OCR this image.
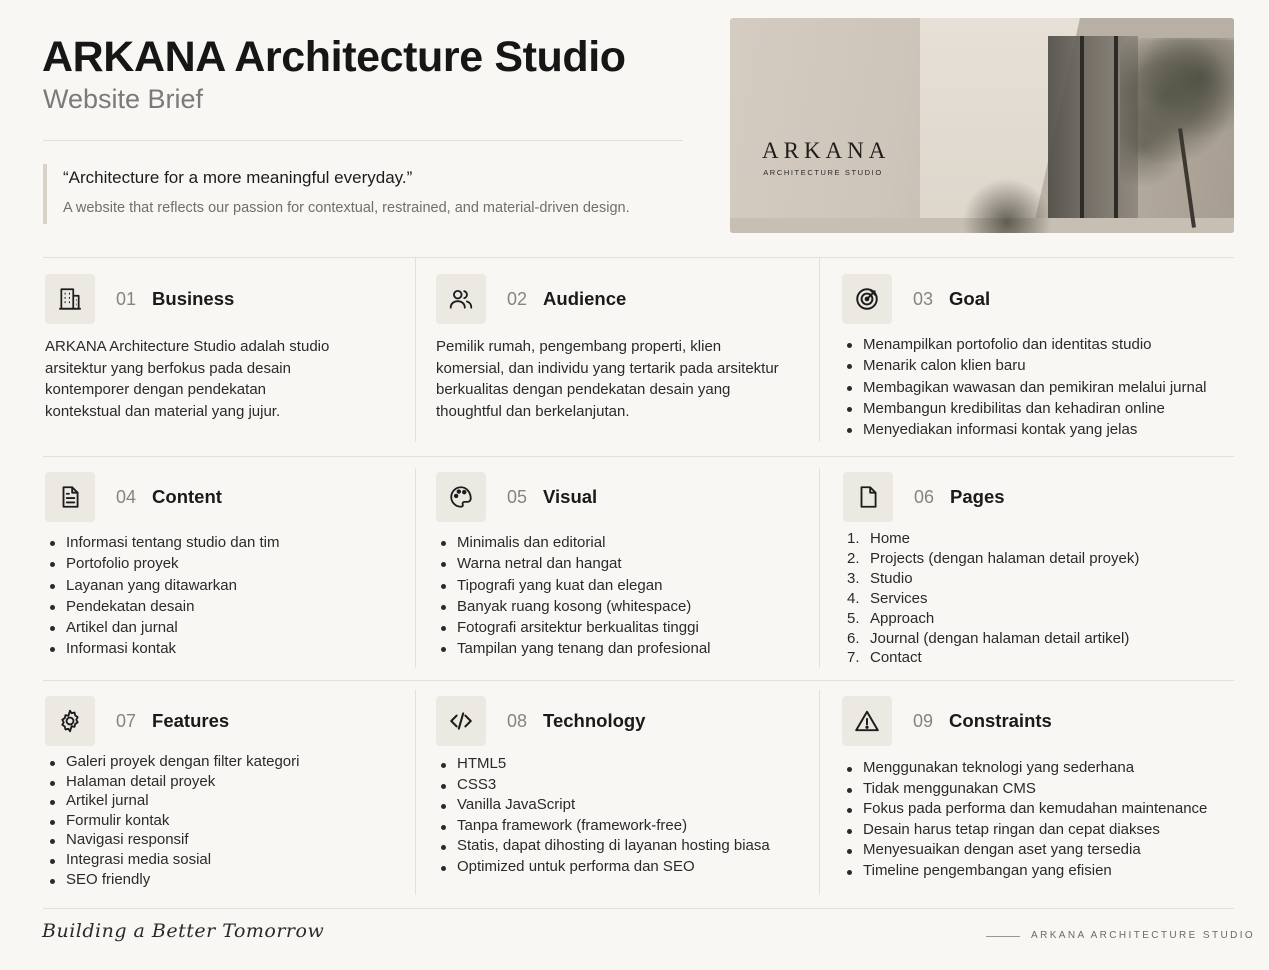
ARKANA Architecture Studio
Website Brief
“Architecture for a more meaningful everyday.”
A website that reflects our passion for contextual, restrained, and material-driven design.
ARKANA
ARCHITECTURE STUDIO
01 Business

ARKANA Architecture Studio adalah studio arsitektur yang berfokus pada desain kontemporer dengan pendekatan kontekstual dan material yang jujur.

02 Audience

Pemilik rumah, pengembang properti, klien komersial, dan individu yang tertarik pada arsitektur berkualitas dengan pendekatan desain yang thoughtful dan berkelanjutan.

03 Goal
Menampilkan portofolio dan identitas studio
Menarik calon klien baru
Membagikan wawasan dan pemikiran melalui jurnal
Membangun kredibilitas dan kehadiran online
Menyediakan informasi kontak yang jelas
04 Content
Informasi tentang studio dan tim
Portofolio proyek
Layanan yang ditawarkan
Pendekatan desain
Artikel dan jurnal
Informasi kontak
05 Visual
Minimalis dan editorial
Warna netral dan hangat
Tipografi yang kuat dan elegan
Banyak ruang kosong (whitespace)
Fotografi arsitektur berkualitas tinggi
Tampilan yang tenang dan profesional
06 Pages
1. Home
2. Projects (dengan halaman detail proyek)
3. Studio
4. Services
5. Approach
6. Journal (dengan halaman detail artikel)
7. Contact
07 Features
Galeri proyek dengan filter kategori
Halaman detail proyek
Artikel jurnal
Formulir kontak
Navigasi responsif
Integrasi media sosial
SEO friendly
08 Technology
HTML5
CSS3
Vanilla JavaScript
Tanpa framework (framework-free)
Statis, dapat dihosting di layanan hosting biasa
Optimized untuk performa dan SEO
09 Constraints
Menggunakan teknologi yang sederhana
Tidak menggunakan CMS
Fokus pada performa dan kemudahan maintenance
Desain harus tetap ringan dan cepat diakses
Menyesuaikan dengan aset yang tersedia
Timeline pengembangan yang efisien
Building a Better Tomorrow	ARKANA ARCHITECTURE STUDIO
